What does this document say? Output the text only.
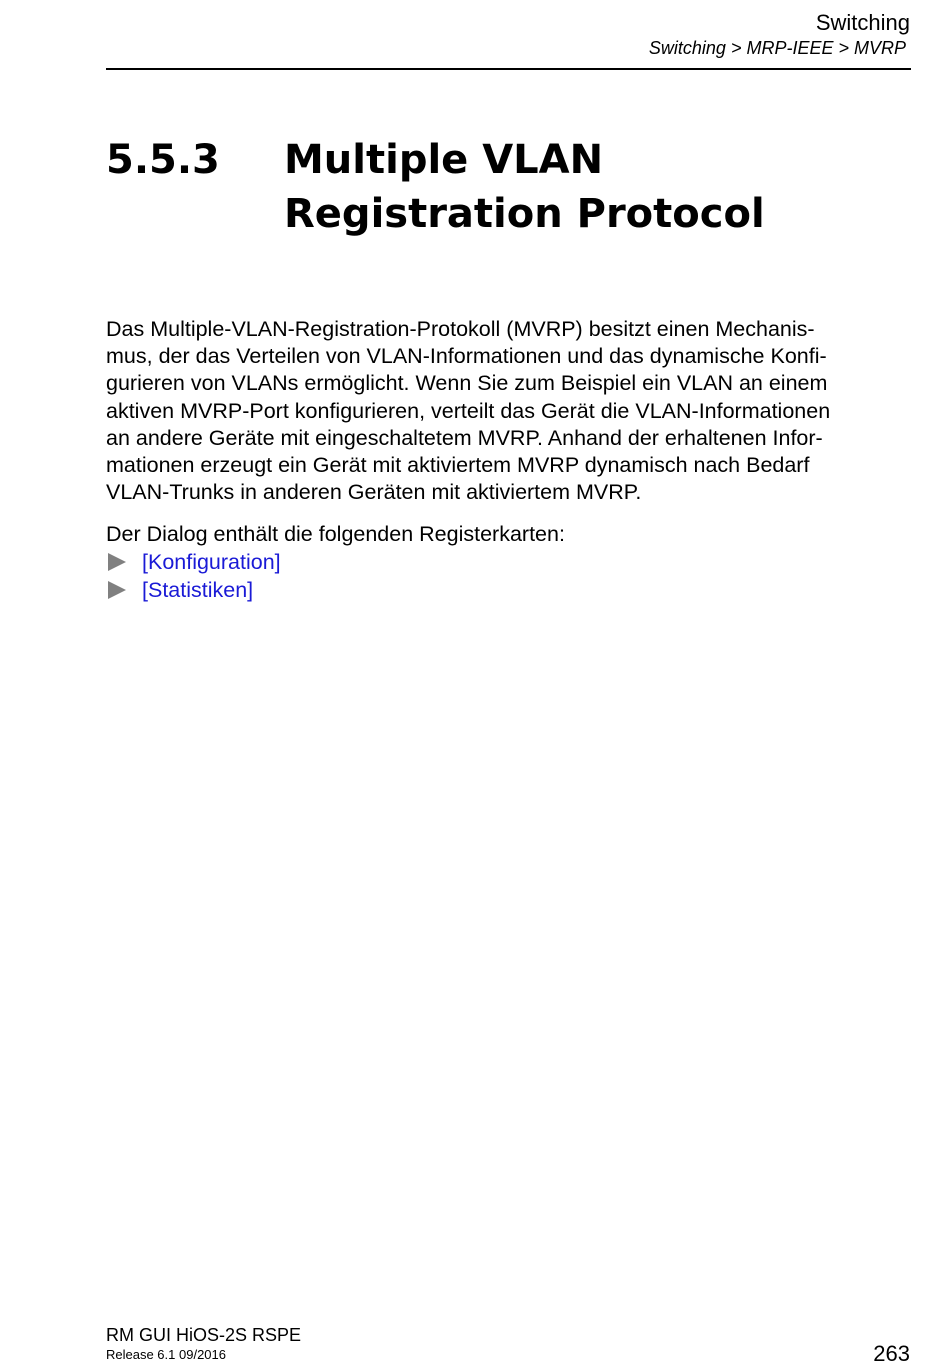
Switching
Switching > MRP-IEEE > MVRP
5.5.3 Multiple VLAN
Registration Protocol
Das Multiple-VLAN-Registration-Protokoll (MVRP) besitzt einen Mechanis-
mus, der das Verteilen von VLAN-Informationen und das dynamische Konfi-
gurieren von VLANs ermöglicht. Wenn Sie zum Beispiel ein VLAN an einem
aktiven MVRP-Port konfigurieren, verteilt das Gerät die VLAN-Informationen
an andere Geräte mit eingeschaltetem MVRP. Anhand der erhaltenen Infor-
mationen erzeugt ein Gerät mit aktiviertem MVRP dynamisch nach Bedarf
VLAN-Trunks in anderen Geräten mit aktiviertem MVRP.
Der Dialog enthält die folgenden Registerkarten:
[Konfiguration]
[Statistiken]
RM GUI HiOS-2S RSPE
Release 6.1 09/2016	263
